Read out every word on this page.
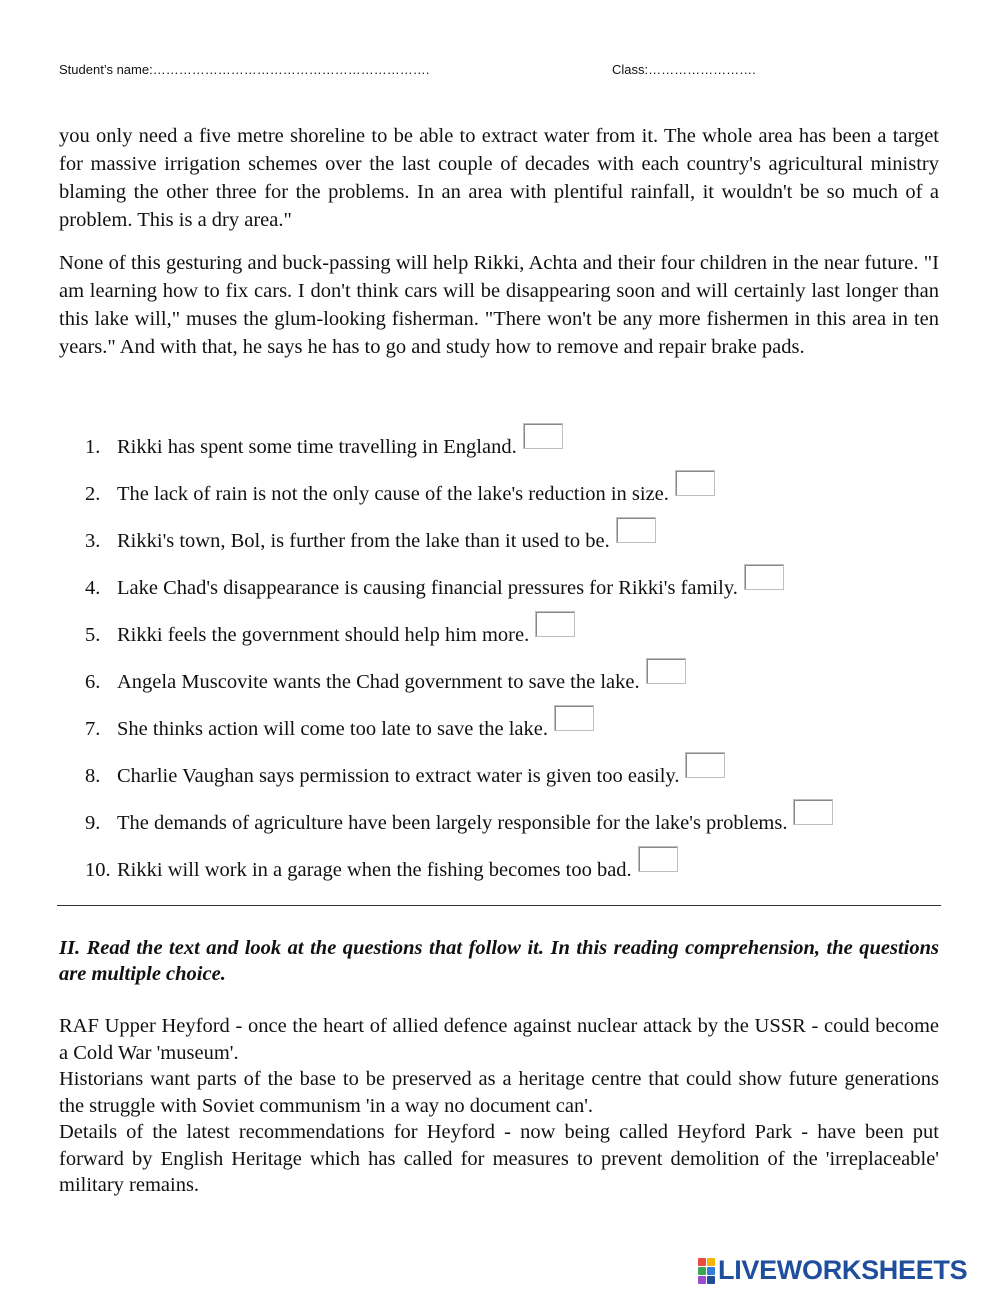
Student’s name:……………………………………………………….	Class:…………………….

you only need a five metre shoreline to be able to extract water from it. The whole area has been a target for massive irrigation schemes over the last couple of decades with each country's agricultural ministry blaming the other three for the problems. In an area with plentiful rainfall, it wouldn't be so much of a problem. This is a dry area."

None of this gesturing and buck-passing will help Rikki, Achta and their four children in the near future. "I am learning how to fix cars. I don't think cars will be disappearing soon and will certainly last longer than this lake will," muses the glum-looking fisherman. "There won't be any more fishermen in this area in ten years." And with that, he says he has to go and study how to remove and repair brake pads.

1. Rikki has spent some time travelling in England.
2. The lack of rain is not the only cause of the lake's reduction in size.
3. Rikki's town, Bol, is further from the lake than it used to be.
4. Lake Chad's disappearance is causing financial pressures for Rikki's family.
5. Rikki feels the government should help him more.
6. Angela Muscovite wants the Chad government to save the lake.
7. She thinks action will come too late to save the lake.
8. Charlie Vaughan says permission to extract water is given too easily.
9. The demands of agriculture have been largely responsible for the lake's problems.
10. Rikki will work in a garage when the fishing becomes too bad.

II. Read the text and look at the questions that follow it. In this reading comprehension, the questions are multiple choice.

RAF Upper Heyford - once the heart of allied defence against nuclear attack by the USSR - could become a Cold War 'museum'.
Historians want parts of the base to be preserved as a heritage centre that could show future generations the struggle with Soviet communism 'in a way no document can'.
Details of the latest recommendations for Heyford - now being called Heyford Park - have been put forward by English Heritage which has called for measures to prevent demolition of the 'irreplaceable' military remains.
LIVEWORKSHEETS
